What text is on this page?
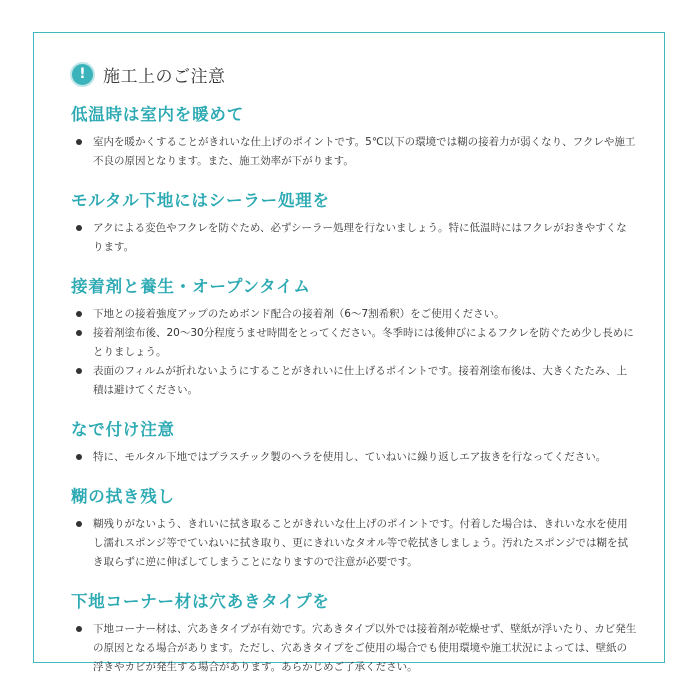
!	施工上のご注意
低温時は室内を暖めて
室内を暖かくすることがきれいな仕上げのポイントです。5℃以下の環境では糊の接着力が弱くなり、フクレや施工不良の原因となります。また、施工効率が下がります。
モルタル下地にはシーラー処理を
アクによる変色やフクレを防ぐため、必ずシーラー処理を行ないましょう。特に低温時にはフクレがおきやすくなります。
接着剤と養生・オープンタイム
下地との接着強度アップのためボンド配合の接着剤（6～7割希釈）をご使用ください。
接着剤塗布後、20～30分程度うませ時間をとってください。冬季時には後伸びによるフクレを防ぐため少し長めにとりましょう。
表面のフィルムが折れないようにすることがきれいに仕上げるポイントです。接着剤塗布後は、大きくたたみ、上積は避けてください。
なで付け注意
特に、モルタル下地ではプラスチック製のヘラを使用し、ていねいに繰り返しエア抜きを行なってください。
糊の拭き残し
糊残りがないよう、きれいに拭き取ることがきれいな仕上げのポイントです。付着した場合は、きれいな水を使用し濡れスポンジ等でていねいに拭き取り、更にきれいなタオル等で乾拭きしましょう。汚れたスポンジでは糊を拭き取らずに逆に伸ばしてしまうことになりますので注意が必要です。
下地コーナー材は穴あきタイプを
下地コーナー材は、穴あきタイプが有効です。穴あきタイプ以外では接着剤が乾燥せず、壁紙が浮いたり、カビ発生の原因となる場合があります。ただし、穴あきタイプをご使用の場合でも使用環境や施工状況によっては、壁紙の浮きやカビが発生する場合があります。あらかじめご了承ください。
